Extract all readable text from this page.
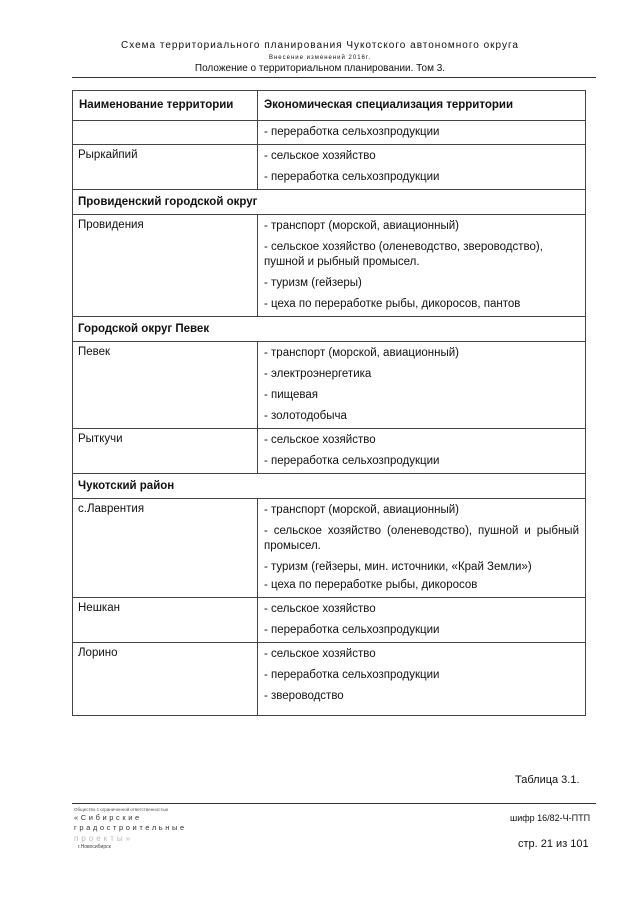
Схема территориального планирования Чукотского автономного округа
Внесение изменений 2016г.
Положение о территориальном планировании. Том 3.
Наименование территории	Экономическая специализация территории

	- переработка сельхозпродукции

Рыркайпий	- сельское хозяйство
- переработка сельхозпродукции

Провиденский городской округ	
Провидения	- транспорт (морской, авиационный)
- сельское хозяйство (оленеводство, звероводство), пушной и рыбный промысел.
- туризм (гейзеры)
- цеха по переработке рыбы, дикоросов, пантов

Городской округ Певек	
Певек	- транспорт (морской, авиационный)
- электроэнергетика
- пищевая
- золотодобыча

Рыткучи	- сельское хозяйство
- переработка сельхозпродукции

Чукотский район	
с.Лаврентия	- транспорт (морской, авиационный)
- сельское хозяйство (оленеводство), пушной и рыбный промысел.
- туризм (гейзеры, мин. источники, «Край Земли»)
- цеха по переработке рыбы, дикоросов

Нешкан	- сельское хозяйство
- переработка сельхозпродукции

Лорино	- сельское хозяйство
- переработка сельхозпродукции
- звероводство
Таблица 3.1.
Общество с ограниченной ответственностью
«Сибирские
градостроительные
проекты»
г.Новосибирск
шифр 16/82-Ч-ПТП
стр. 21 из 101
